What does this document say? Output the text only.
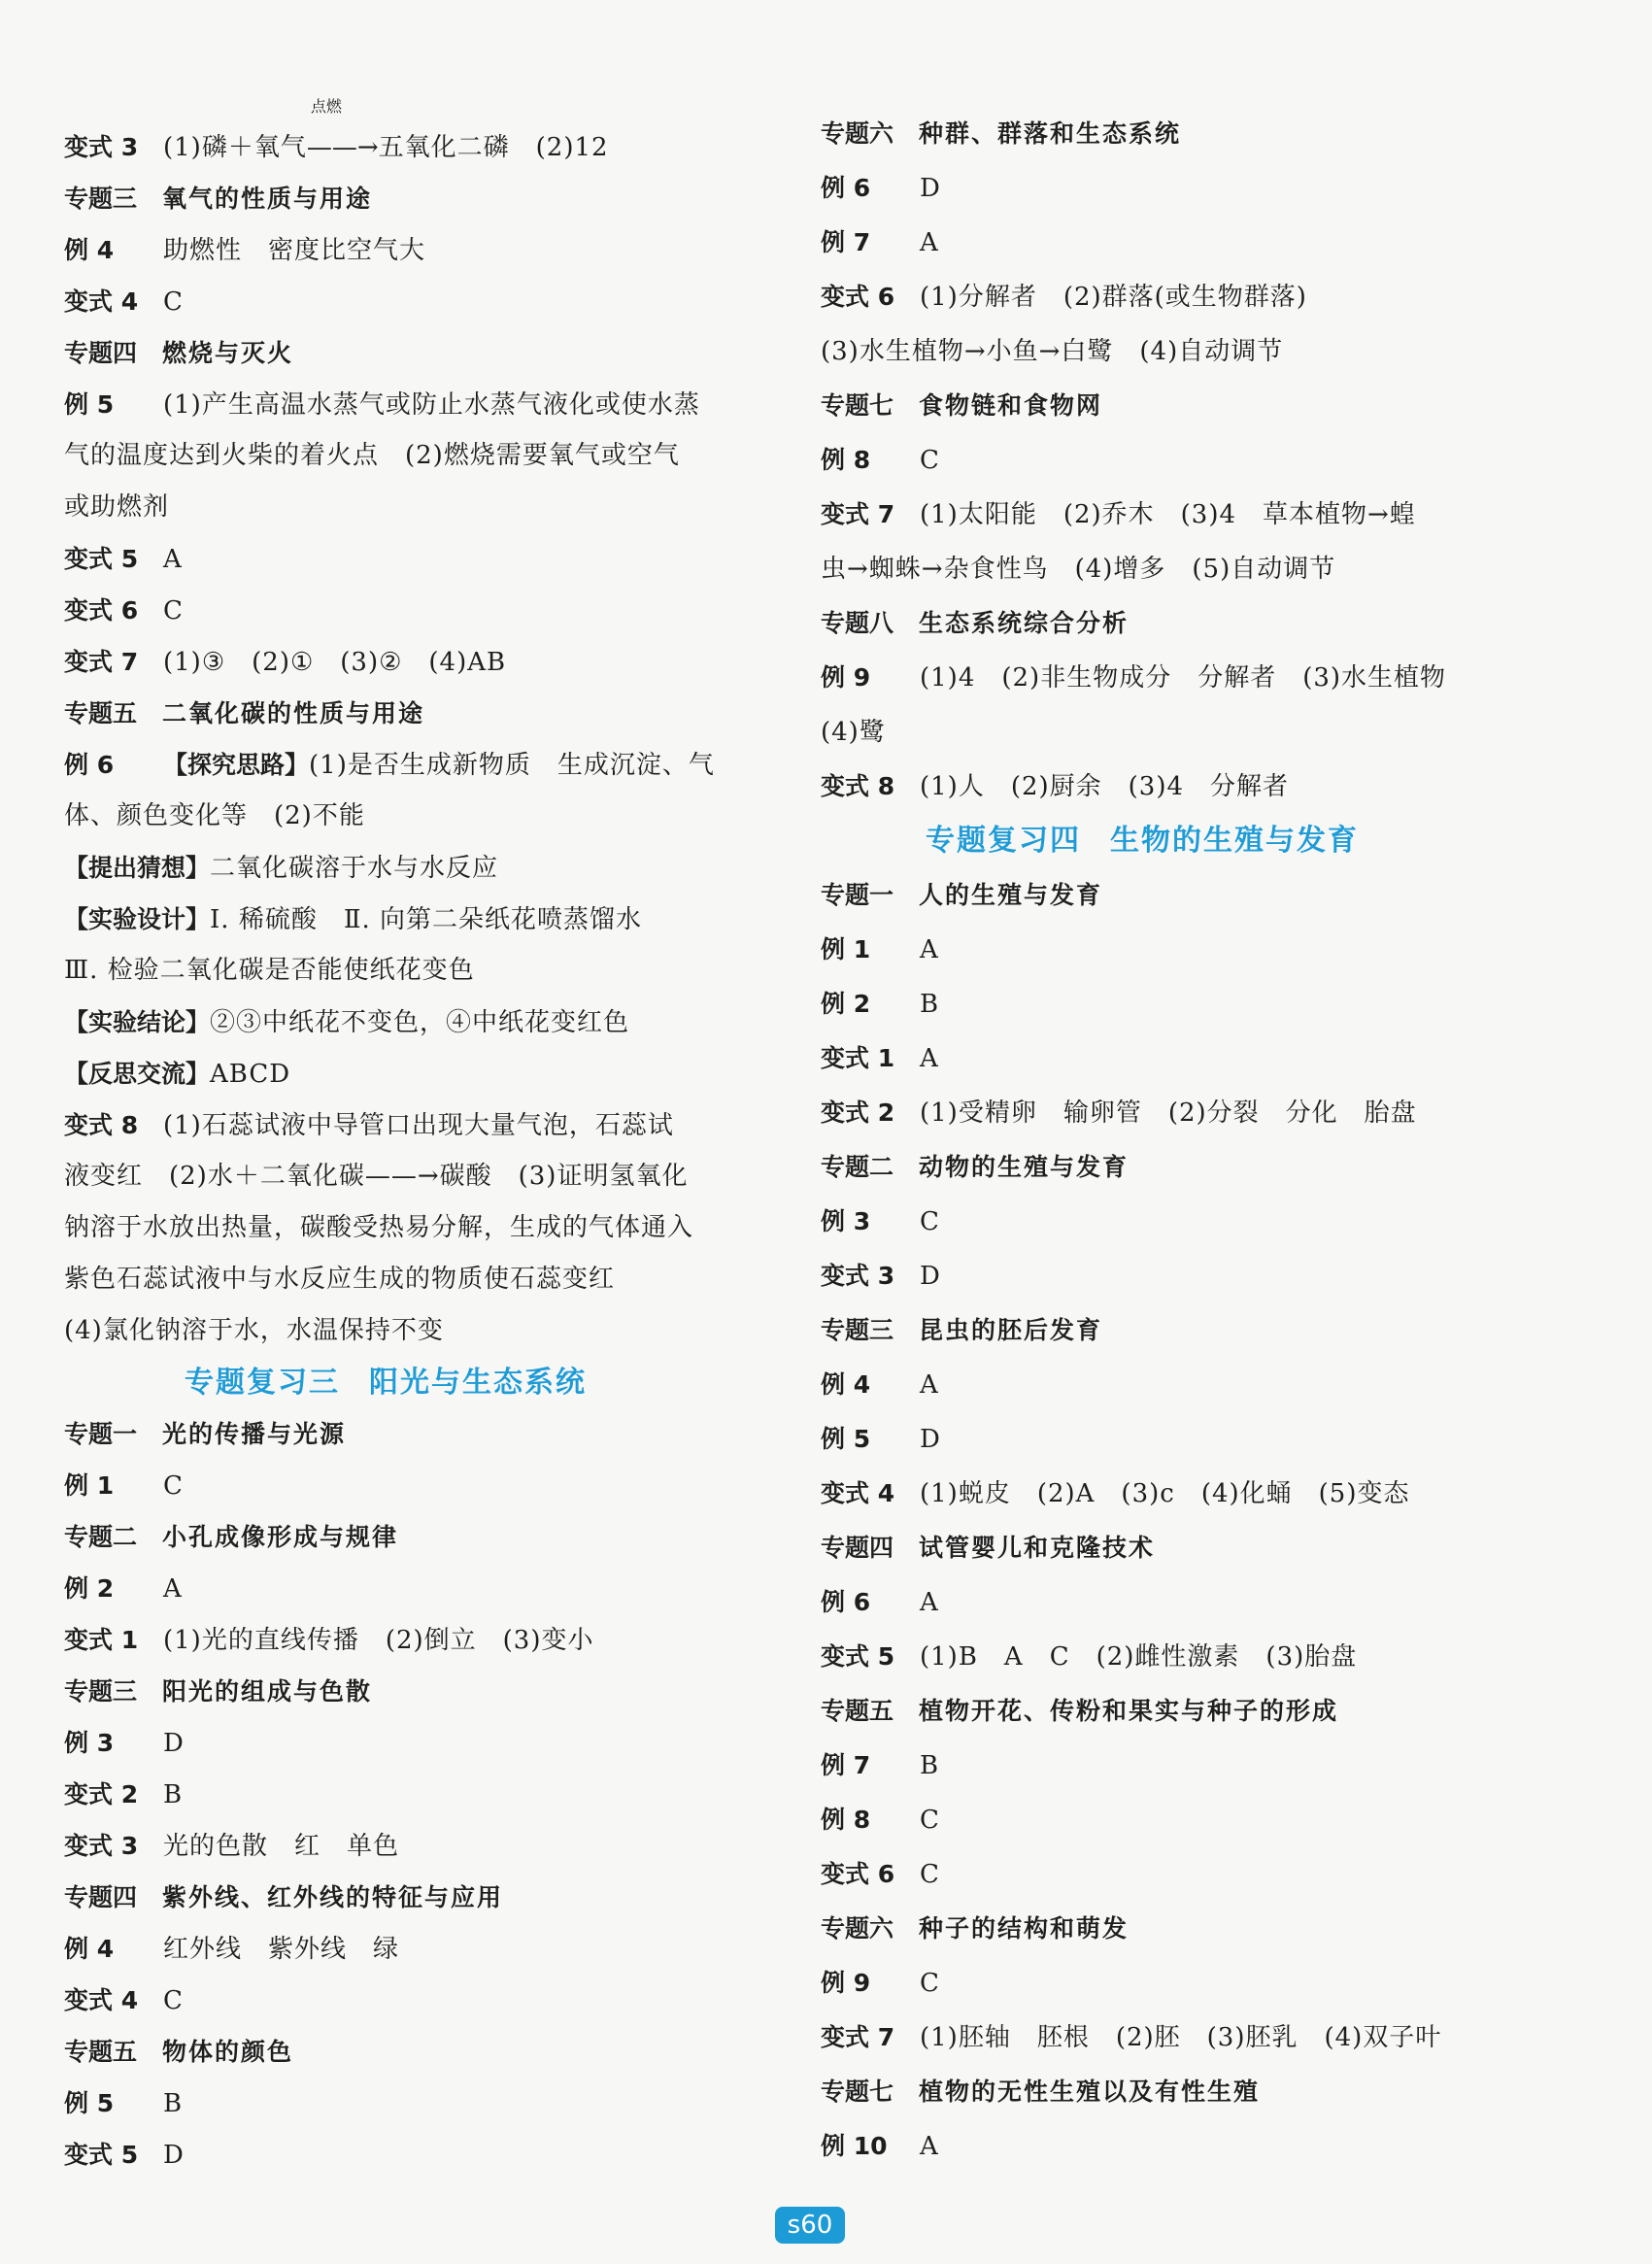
变式 3 (1)磷＋氧气
点燃
——→五氧化二磷　(2)12
专题三 氧气的性质与用途
例 4 助燃性　密度比空气大
变式 4 C
专题四 燃烧与灭火
例 5 (1)产生高温水蒸气或防止水蒸气液化或使水蒸
气的温度达到火柴的着火点　(2)燃烧需要氧气或空气
或助燃剂
变式 5 A
变式 6 C
变式 7 (1)③　(2)①　(3)②　(4)AB
专题五 二氧化碳的性质与用途
例 6 【探究思路】(1)是否生成新物质　生成沉淀、气
体、颜色变化等　(2)不能
【提出猜想】二氧化碳溶于水与水反应
【实验设计】Ⅰ. 稀硫酸　Ⅱ. 向第二朵纸花喷蒸馏水
Ⅲ. 检验二氧化碳是否能使纸花变色
【实验结论】②③中纸花不变色，④中纸花变红色
【反思交流】ABCD
变式 8 (1)石蕊试液中导管口出现大量气泡，石蕊试
液变红　(2)水＋二氧化碳——→碳酸　(3)证明氢氧化
钠溶于水放出热量，碳酸受热易分解，生成的气体通入
紫色石蕊试液中与水反应生成的物质使石蕊变红
(4)氯化钠溶于水，水温保持不变
专题复习三 阳光与生态系统
专题一 光的传播与光源
例 1 C
专题二 小孔成像形成与规律
例 2 A
变式 1 (1)光的直线传播　(2)倒立　(3)变小
专题三 阳光的组成与色散
例 3 D
变式 2 B
变式 3 光的色散　红　单色
专题四 紫外线、红外线的特征与应用
例 4 红外线　紫外线　绿
变式 4 C
专题五 物体的颜色
例 5 B
变式 5 D
专题六 种群、群落和生态系统
例 6 D
例 7 A
变式 6 (1)分解者　(2)群落(或生物群落)
(3)水生植物→小鱼→白鹭　(4)自动调节
专题七 食物链和食物网
例 8 C
变式 7 (1)太阳能　(2)乔木　(3)4　草本植物→蝗
虫→蜘蛛→杂食性鸟　(4)增多　(5)自动调节
专题八 生态系统综合分析
例 9 (1)4　(2)非生物成分　分解者　(3)水生植物
(4)鹭
变式 8 (1)人　(2)厨余　(3)4　分解者
专题复习四 生物的生殖与发育
专题一 人的生殖与发育
例 1 A
例 2 B
变式 1 A
变式 2 (1)受精卵　输卵管　(2)分裂　分化　胎盘
专题二 动物的生殖与发育
例 3 C
变式 3 D
专题三 昆虫的胚后发育
例 4 A
例 5 D
变式 4 (1)蜕皮　(2)A　(3)c　(4)化蛹　(5)变态
专题四 试管婴儿和克隆技术
例 6 A
变式 5 (1)B　A　C　(2)雌性激素　(3)胎盘
专题五 植物开花、传粉和果实与种子的形成
例 7 B
例 8 C
变式 6 C
专题六 种子的结构和萌发
例 9 C
变式 7 (1)胚轴　胚根　(2)胚　(3)胚乳　(4)双子叶
专题七 植物的无性生殖以及有性生殖
例 10 A
s60
